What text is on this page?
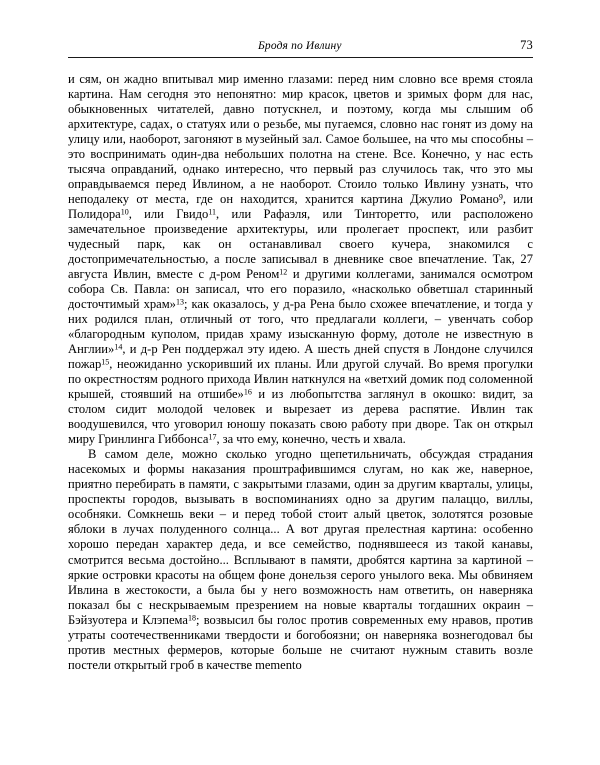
Бродя по Ивлину	73

и сям, он жадно впитывал мир именно глазами: перед ним словно все время стояла картина. Нам сегодня это непонятно: мир красок, цветов и зримых форм для нас, обыкновенных читателей, давно потускнел, и поэтому, когда мы слышим об архитектуре, садах, о статуях или о резьбе, мы пугаемся, словно нас гонят из дому на улицу или, наоборот, загоняют в музейный зал. Самое большее, на что мы способны – это воспринимать один-два небольших полотна на стене. Все. Конечно, у нас есть тысяча оправданий, однако интересно, что первый раз случилось так, что это мы оправдываемся перед Ивлином, а не наоборот. Стоило только Ивлину узнать, что неподалеку от места, где он находится, хранится картина Джулио Романо$^9$, или Полидора$^{10}$, или Гвидо$^{11}$, или Рафаэля, или Тинторетто, или расположено замечательное произведение архитектуры, или пролегает проспект, или разбит чудесный парк, как он останавливал своего кучера, знакомился с достопримечательностью, а после записывал в дневнике свое впечатление. Так, 27 августа Ивлин, вместе с д-ром Реном$^{12}$ и другими коллегами, занимался осмотром собора Св. Павла: он записал, что его поразило, «насколько обветшал старинный досточтимый храм»$^{13}$; как оказалось, у д-ра Рена было схожее впечатление, и тогда у них родился план, отличный от того, что предлагали коллеги, – увенчать собор «благородным куполом, придав храму изысканную форму, дотоле не известную в Англии»$^{14}$, и д-р Рен поддержал эту идею. А шесть дней спустя в Лондоне случился пожар$^{15}$, неожиданно ускоривший их планы. Или другой случай. Во время прогулки по окрестностям родного прихода Ивлин наткнулся на «ветхий домик под соломенной крышей, стоявший на отшибе»$^{16}$ и из любопытства заглянул в окошко: видит, за столом сидит молодой человек и вырезает из дерева распятие. Ивлин так воодушевился, что уговорил юношу показать свою работу при дворе. Так он открыл миру Гринлинга Гиббонса$^{17}$, за что ему, конечно, честь и хвала.

В самом деле, можно сколько угодно щепетильничать, обсуждая страдания насекомых и формы наказания проштрафившимся слугам, но как же, наверное, приятно перебирать в памяти, с закрытыми глазами, один за другим кварталы, улицы, проспекты городов, вызывать в воспоминаниях одно за другим палаццо, виллы, особняки. Сомкнешь веки – и перед тобой стоит алый цветок, золотятся розовые яблоки в лучах полуденного солнца... А вот другая прелестная картина: особенно хорошо передан характер деда, и все семейство, поднявшееся из такой канавы, смотрится весьма достойно... Всплывают в памяти, дробятся картина за картиной – яркие островки красоты на общем фоне донельзя серого унылого века. Мы обвиняем Ивлина в жестокости, а была бы у него возможность нам ответить, он наверняка показал бы с нескрываемым презрением на новые кварталы тогдашних окраин – Бэйзуотера и Клэпема$^{18}$; возвысил бы голос против современных ему нравов, против утраты соотечественниками твердости и богобоязни; он наверняка вознегодовал бы против местных фермеров, которые больше не считают нужным ставить возле постели открытый гроб в качестве memento
